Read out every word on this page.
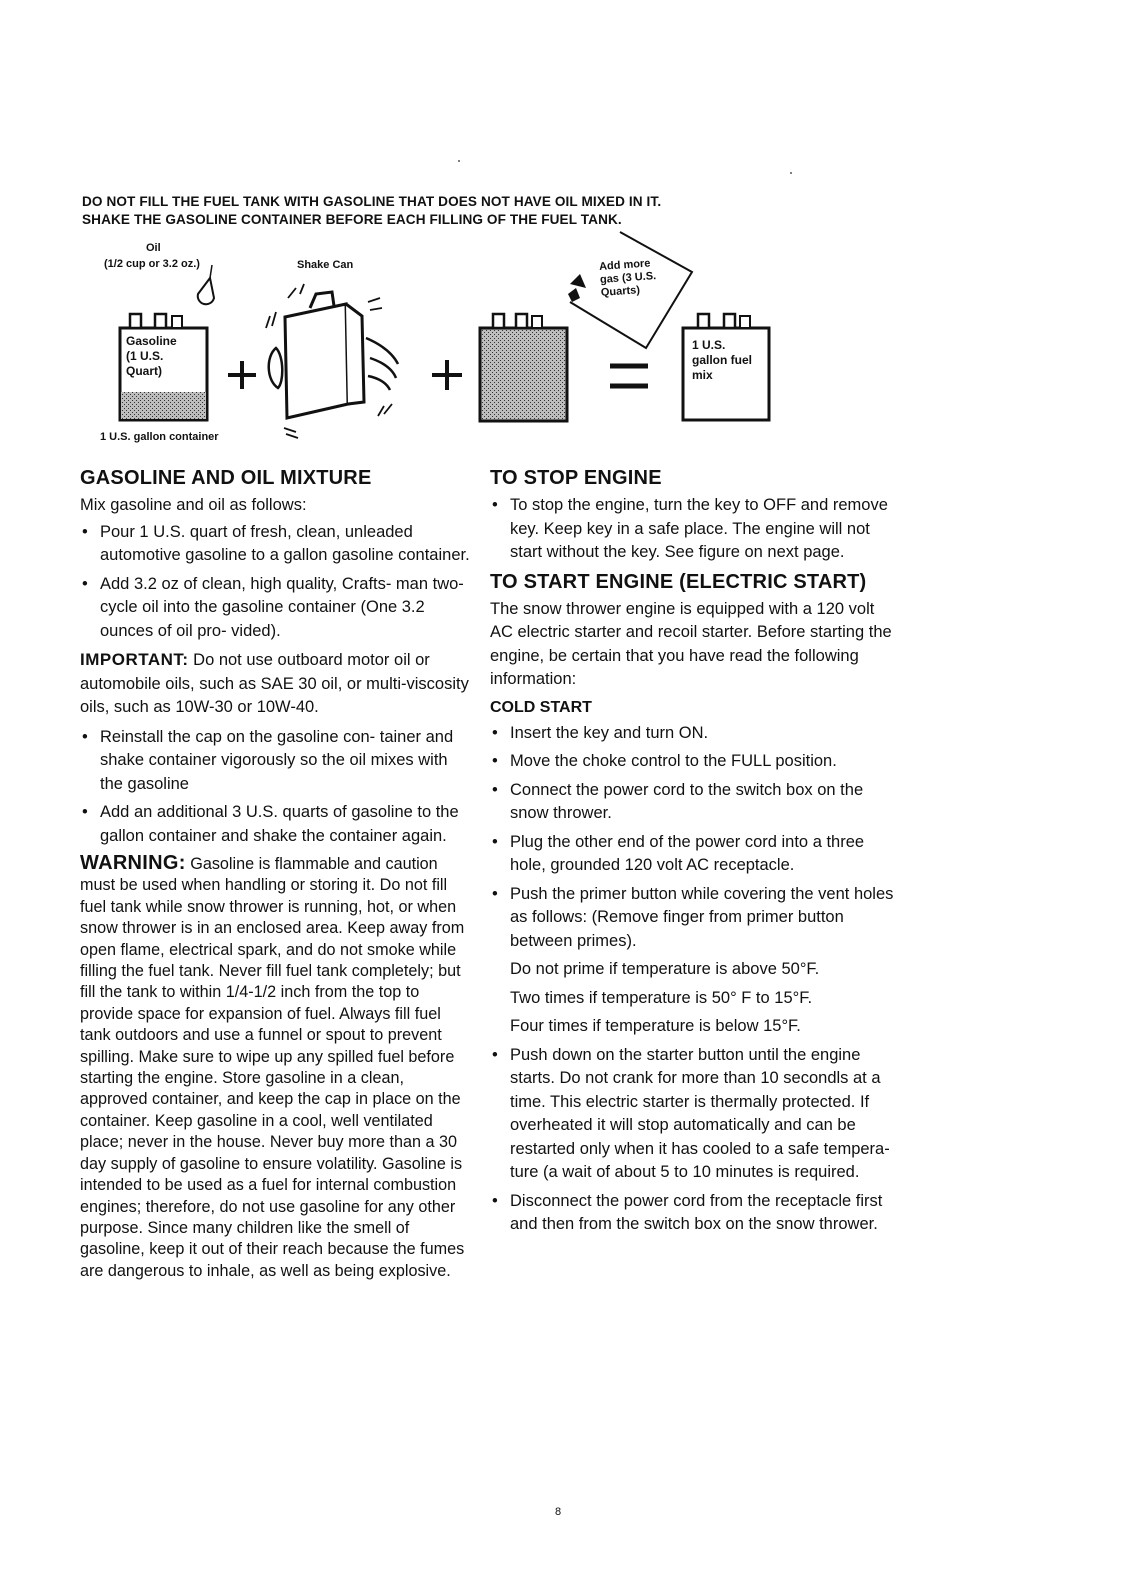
DO NOT FILL THE FUEL TANK WITH GASOLINE THAT DOES NOT HAVE OIL MIXED IN IT.
SHAKE THE GASOLINE CONTAINER BEFORE EACH FILLING OF THE FUEL TANK.
Oil
(1/2 cup or 3.2 oz.)	Shake Can
Gasoline
(1 U.S.
Quart)
1 U.S. gallon container
Add more
gas (3 U.S.
Quarts)
1 U.S.
gallon fuel
mix
GASOLINE AND OIL MIXTURE

Mix gasoline and oil as follows:

• Pour 1 U.S. quart of fresh, clean, unleaded automotive gasoline to a gallon gasoline container.
• Add 3.2 oz of clean, high quality, Crafts- man two-cycle oil into the gasoline container (One 3.2 ounces of oil pro- vided).

IMPORTANT: Do not use outboard motor oil or automobile oils, such as SAE 30 oil, or multi-viscosity oils, such as 10W-30 or 10W-40.

• Reinstall the cap on the gasoline con- tainer and shake container vigorously so the oil mixes with the gasoline
• Add an additional 3 U.S. quarts of gasoline to the gallon container and shake the container again.

WARNING: Gasoline is flammable and caution must be used when handling or storing it. Do not fill fuel tank while snow thrower is running, hot, or when snow thrower is in an enclosed area. Keep away from open flame, electrical spark, and do not smoke while filling the fuel tank. Never fill fuel tank completely; but fill the tank to within 1/4-1/2 inch from the top to provide space for expansion of fuel. Always fill fuel tank outdoors and use a funnel or spout to prevent spilling. Make sure to wipe up any spilled fuel before starting the engine. Store gasoline in a clean, approved container, and keep the cap in place on the container. Keep gasoline in a cool, well ventilated place; never in the house. Never buy more than a 30 day supply of gasoline to ensure volatility. Gasoline is intended to be used as a fuel for internal combustion engines; therefore, do not use gasoline for any other purpose. Since many children like the smell of gasoline, keep it out of their reach because the fumes are dangerous to inhale, as well as being explosive.

TO STOP ENGINE
• To stop the engine, turn the key to OFF and remove key. Keep key in a safe place. The engine will not start without the key. See figure on next page.
TO START ENGINE (ELECTRIC START)

The snow thrower engine is equipped with a 120 volt AC electric starter and recoil starter. Before starting the engine, be certain that you have read the following information:

COLD START
• Insert the key and turn ON.
• Move the choke control to the FULL position.
• Connect the power cord to the switch box on the snow thrower.
• Plug the other end of the power cord into a three hole, grounded 120 volt AC receptacle.
• Push the primer button while covering the vent holes as follows: (Remove finger from primer button between primes).
Do not prime if temperature is above 50°F.
Two times if temperature is 50° F to 15°F.
Four times if temperature is below 15°F.
• Push down on the starter button until the engine starts. Do not crank for more than 10 secondls at a time. This electric starter is thermally protected. If overheated it will stop automatically and can be restarted only when it has cooled to a safe tempera- ture (a wait of about 5 to 10 minutes is required.
• Disconnect the power cord from the receptacle first and then from the switch box on the snow thrower.
8
